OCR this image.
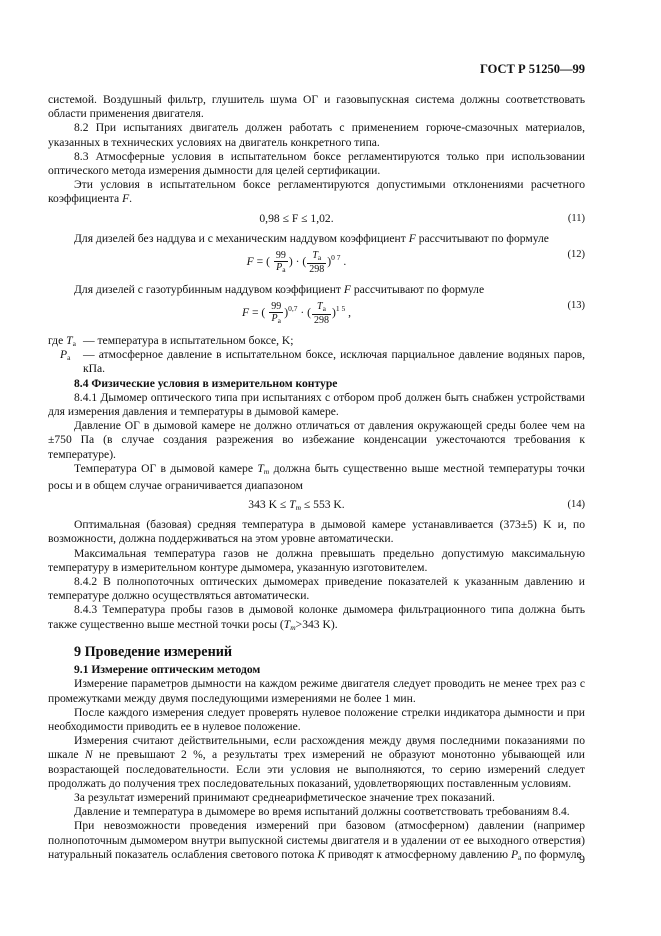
ГОСТ Р 51250—99

системой. Воздушный фильтр, глушитель шума ОГ и газовыпускная система должны соответствовать области применения двигателя.

8.2 При испытаниях двигатель должен работать с применением горюче-смазочных материалов, указанных в технических условиях на двигатель конкретного типа.

8.3 Атмосферные условия в испытательном боксе регламентируются только при использовании оптического метода измерения дымности для целей сертификации.

Эти условия в испытательном боксе регламентируются допустимыми отклонениями расчетного коэффициента F.

0,98 ≤ F ≤ 1,02.	(11)

Для дизелей без наддува и с механическим наддувом коэффициент F рассчитывают по формуле

F = ( $\frac{99}{P_a}$ ) · ( $\frac{T_a}{298} )^{0 7}$ .
(12)

Для дизелей с газотурбинным наддувом коэффициент F рассчитывают по формуле

F = ( $\frac{99}{P_a} )^{0,7}$ · ( $\frac{T_a}{298} )^{1 5}$ ,
(13)

где $T_a$ — температура в испытательном боксе, K;

$P_a$ — атмосферное давление в испытательном боксе, исключая парциальное давление водяных паров, кПа.

8.4 Физические условия в измерительном контуре

8.4.1 Дымомер оптического типа при испытаниях с отбором проб должен быть снабжен устройствами для измерения давления и температуры в дымовой камере.

Давление ОГ в дымовой камере не должно отличаться от давления окружающей среды более чем на ±750 Па (в случае создания разрежения во избежание конденсации ужесточаются требования к температуре).

Температура ОГ в дымовой камере $T_m$ должна быть существенно выше местной температуры точки росы и в общем случае ограничивается диапазоном

343 $K \le T_m \le 553$ K.	(14)

Оптимальная (базовая) средняя температура в дымовой камере устанавливается (373±5) K и, по возможности, должна поддерживаться на этом уровне автоматически.

Максимальная температура газов не должна превышать предельно допустимую максимальную температуру в измерительном контуре дымомера, указанную изготовителем.

8.4.2 В полнопоточных оптических дымомерах приведение показателей к указанным давлению и температуре должно осуществляться автоматически.

8.4.3 Температура пробы газов в дымовой колонке дымомера фильтрационного типа должна быть также существенно выше местной точки росы ($T_m>343$ K).

9 Проведение измерений

9.1 Измерение оптическим методом

Измерение параметров дымности на каждом режиме двигателя следует проводить не менее трех раз с промежутками между двумя последующими измерениями не более 1 мин.

После каждого измерения следует проверять нулевое положение стрелки индикатора дымности и при необходимости приводить ее в нулевое положение.

Измерения считают действительными, если расхождения между двумя последними показаниями по шкале N не превышают 2 %, а результаты трех измерений не образуют монотонно убывающей или возрастающей последовательности. Если эти условия не выполняются, то серию измерений следует продолжать до получения трех последовательных показаний, удовлетворяющих поставленным условиям.

За результат измерений принимают среднеарифметическое значение трех показаний.

Давление и температура в дымомере во время испытаний должны соответствовать требованиям 8.4.

При невозможности проведения измерений при базовом (атмосферном) давлении (например полнопоточным дымомером внутри выпускной системы двигателя и в удалении от ее выходного отверстия) натуральный показатель ослабления светового потока K приводят к атмосферному давлению $P_a$ по формуле

9
